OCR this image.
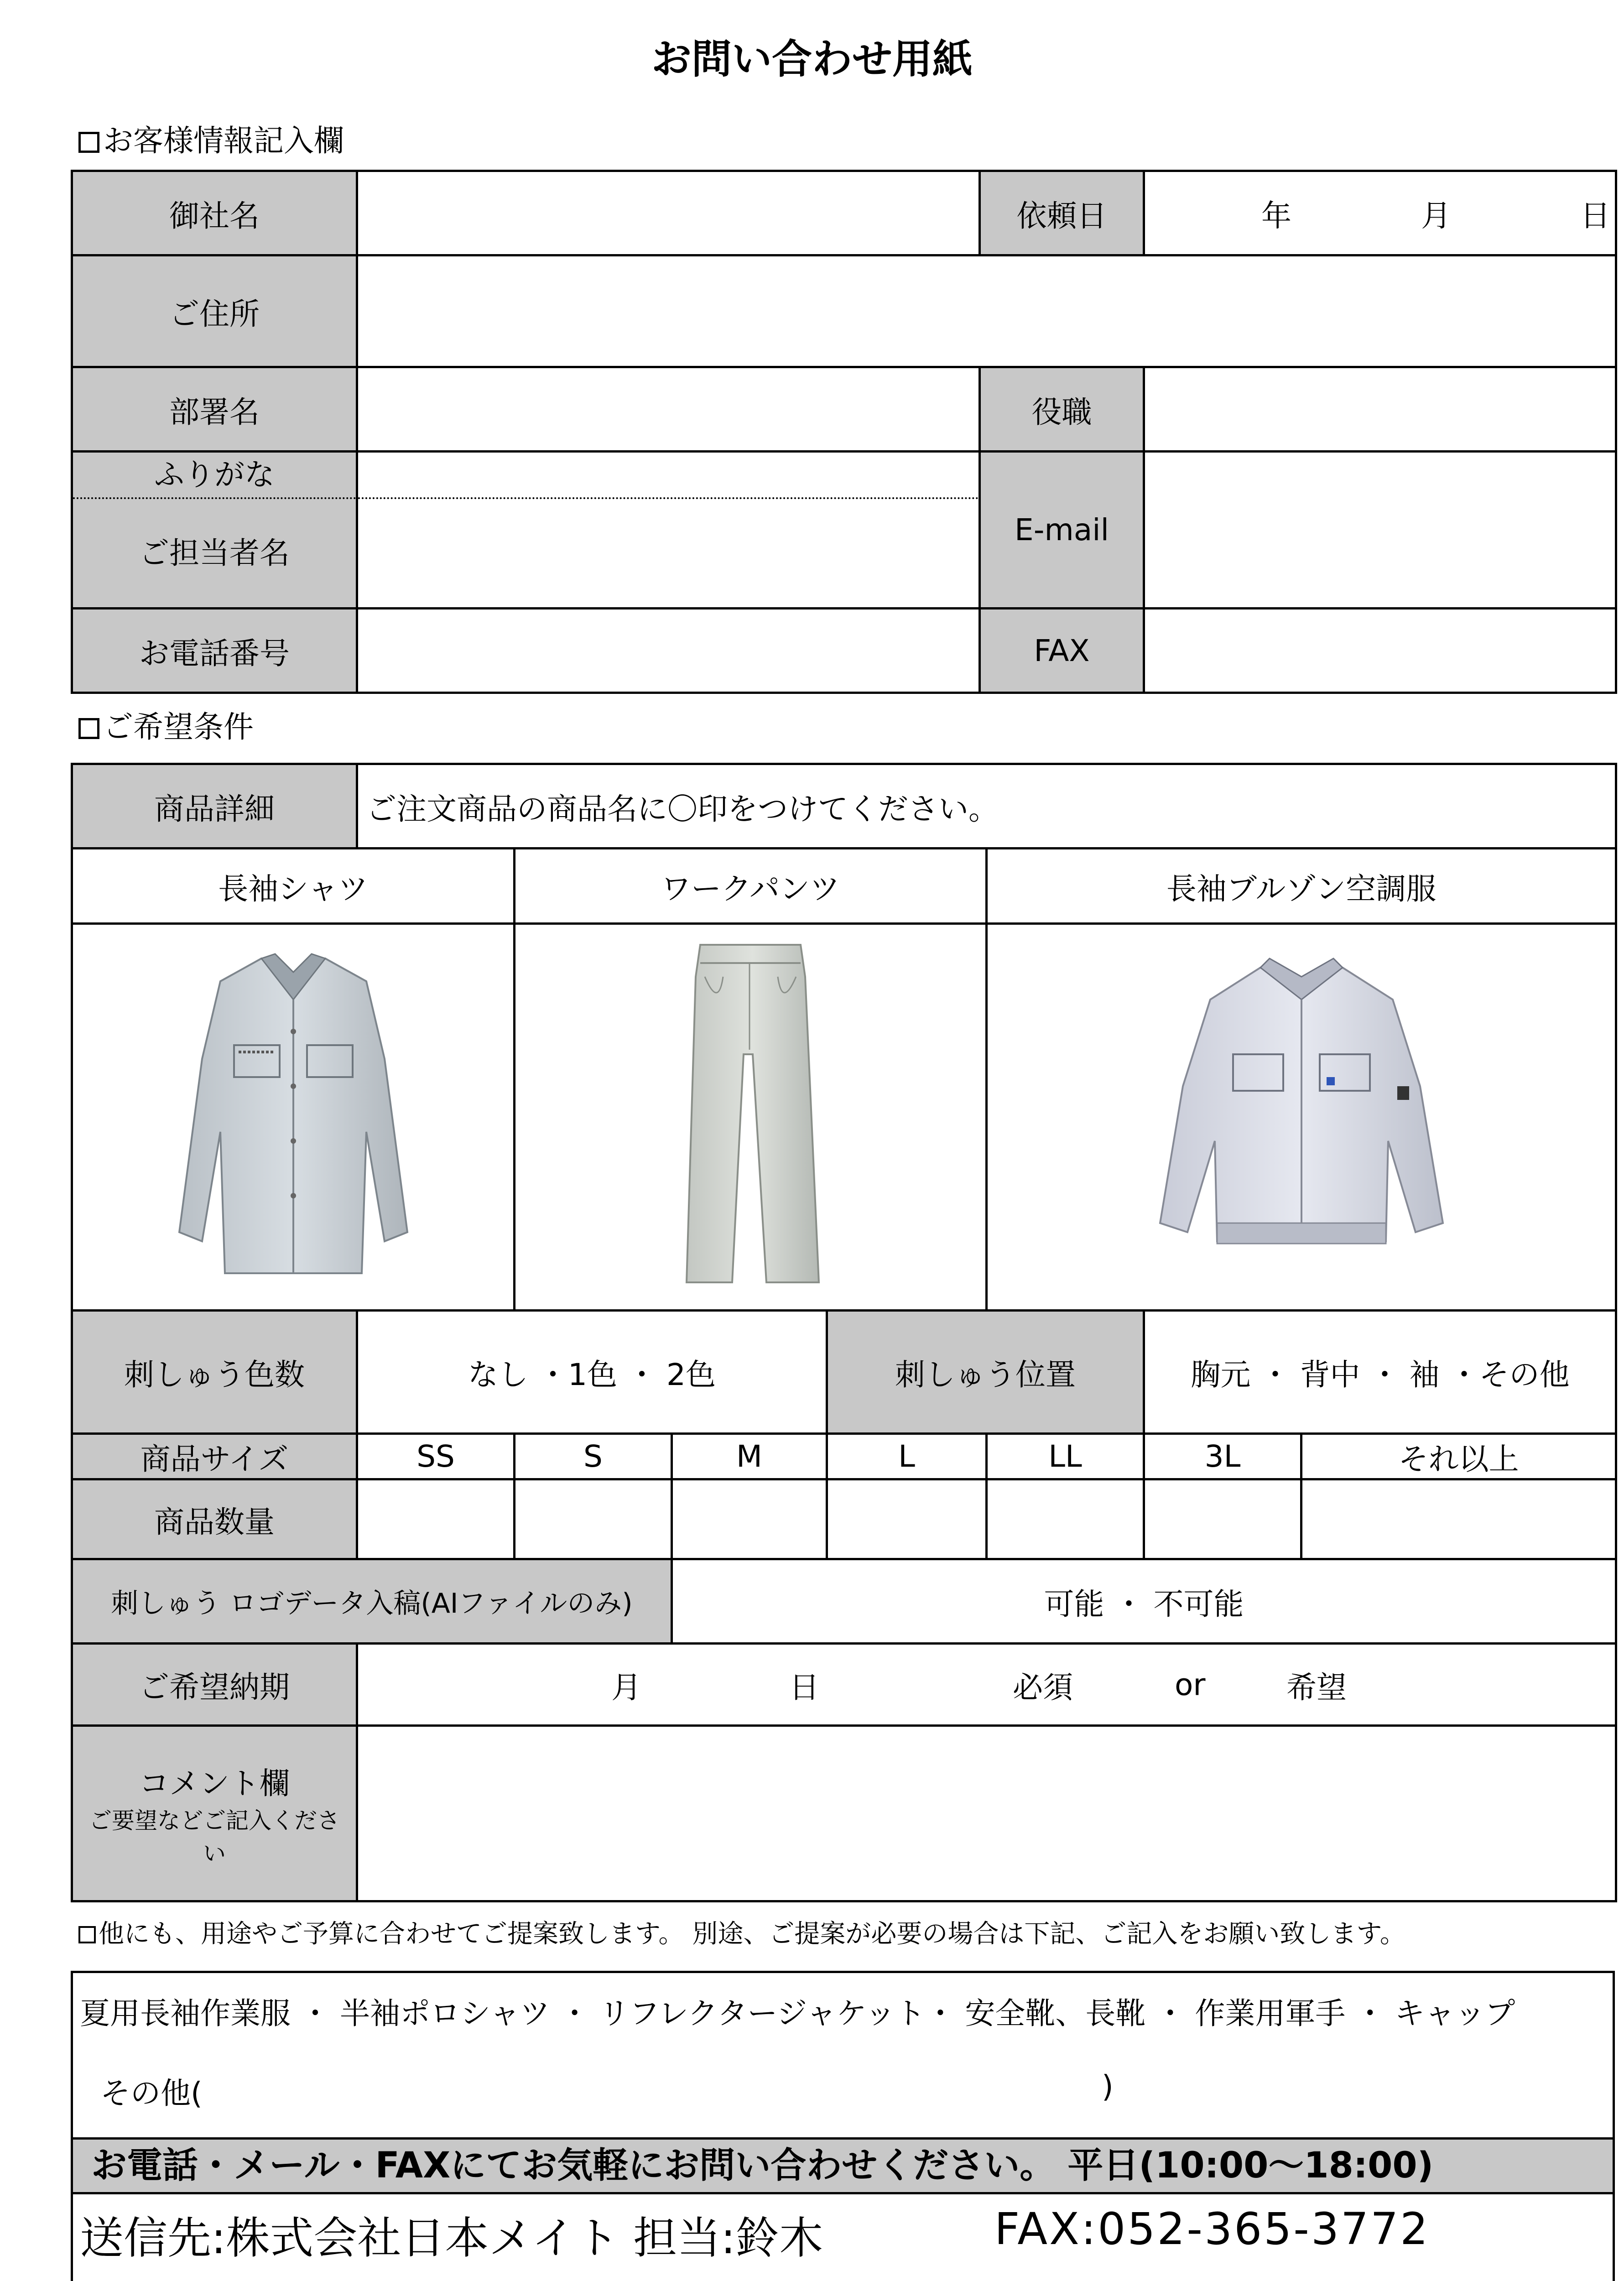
お問い合わせ用紙
お客様情報記入欄
御社名		依頼日	年 月 日

ご住所			
部署名		役職	

ふりがな
ご担当者名		E-mail	
お電話番号		FAX	
ご希望条件
商品詳細	ご注文商品の商品名に〇印をつけてください。						
長袖シャツ		ワークパンツ			長袖ブルゾン空調服		

刺しゅう色数	なし ・1色 ・ 2色			刺しゅう位置		胸元 ・ 背中 ・ 袖 ・その他	
商品サイズ	SS	S	M	L	LL	3L	それ以上
商品数量							
刺しゅう ロゴデータ入稿(AIファイルのみ)			可能 ・ 不可能				
ご希望納期	月 日 必須 or 希望						

コメント欄
ご要望などご記入ください							

他にも、用途やご予算に合わせてご提案致します。 別途、ご提案が必要の場合は下記、ご記入をお願い致します。
夏用長袖作業服 ・ 半袖ポロシャツ ・ リフレクタージャケット・ 安全靴、長靴 ・ 作業用軍手 ・ キャップ
その他(	)
お電話・メール・FAXにてお気軽にお問い合わせください。 平日(10:00〜18:00)
送信先:株式会社日本メイト 担当:鈴木	FAX:052-365-3772
